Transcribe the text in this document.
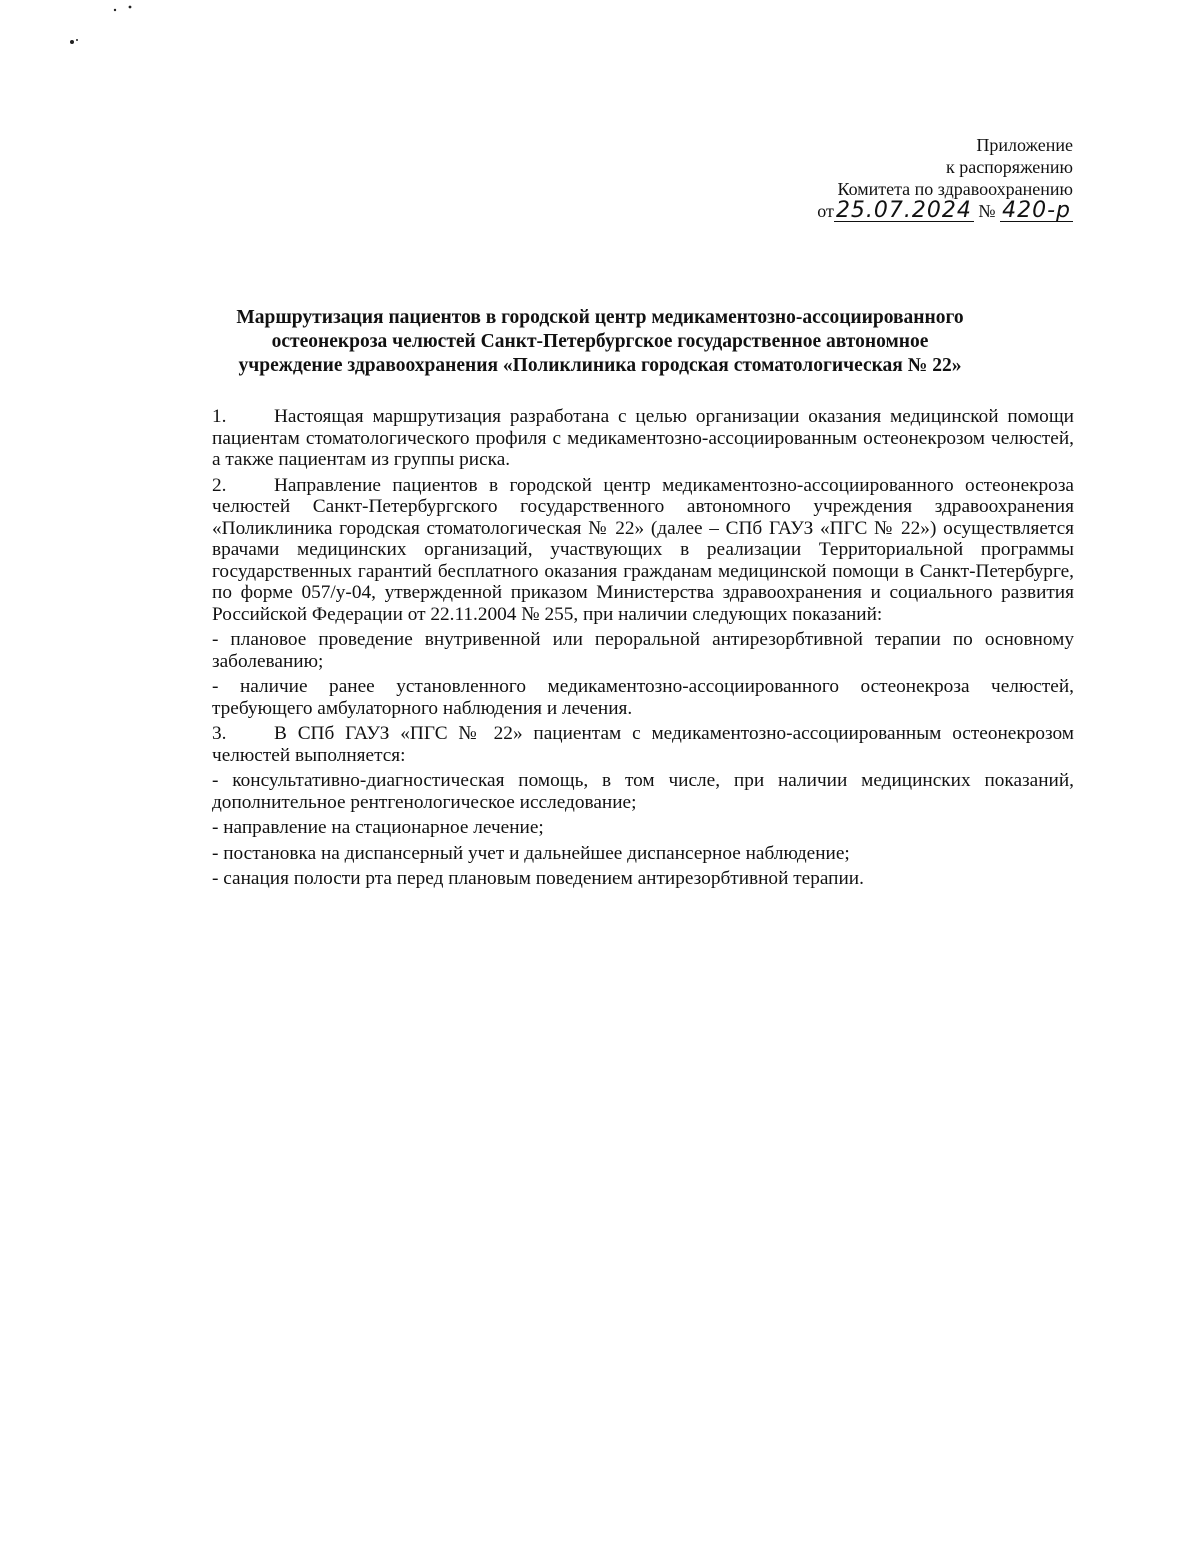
Приложение
к распоряжению
Комитета по здравоохранению
от25.07.2024 № 420-р
Маршрутизация пациентов в городской центр медикаментозно-ассоциированного
остеонекроза челюстей Санкт-Петербургское государственное автономное
учреждение здравоохранения «Поликлиника городская стоматологическая № 22»

1. Настоящая маршрутизация разработана с целью организации оказания медицинской помощи пациентам стоматологического профиля с медикаментозно-ассоциированным остеонекрозом челюстей, а также пациентам из группы риска.

2. Направление пациентов в городской центр медикаментозно-ассоциированного остеонекроза челюстей Санкт-Петербургского государственного автономного учреждения здравоохранения «Поликлиника городская стоматологическая № 22» (далее – СПб ГАУЗ «ПГС № 22») осуществляется врачами медицинских организаций, участвующих в реализации Территориальной программы государственных гарантий бесплатного оказания гражданам медицинской помощи в Санкт-Петербурге, по форме 057/у-04, утвержденной приказом Министерства здравоохранения и социального развития Российской Федерации от 22.11.2004 № 255, при наличии следующих показаний:

- плановое проведение внутривенной или пероральной антирезорбтивной терапии по основному заболеванию;

- наличие ранее установленного медикаментозно-ассоциированного остеонекроза челюстей, требующего амбулаторного наблюдения и лечения.

3. В СПб ГАУЗ «ПГС № 22» пациентам с медикаментозно-ассоциированным остеонекрозом челюстей выполняется:

- консультативно-диагностическая помощь, в том числе, при наличии медицинских показаний, дополнительное рентгенологическое исследование;

- направление на стационарное лечение;

- постановка на диспансерный учет и дальнейшее диспансерное наблюдение;

- санация полости рта перед плановым поведением антирезорбтивной терапии.
